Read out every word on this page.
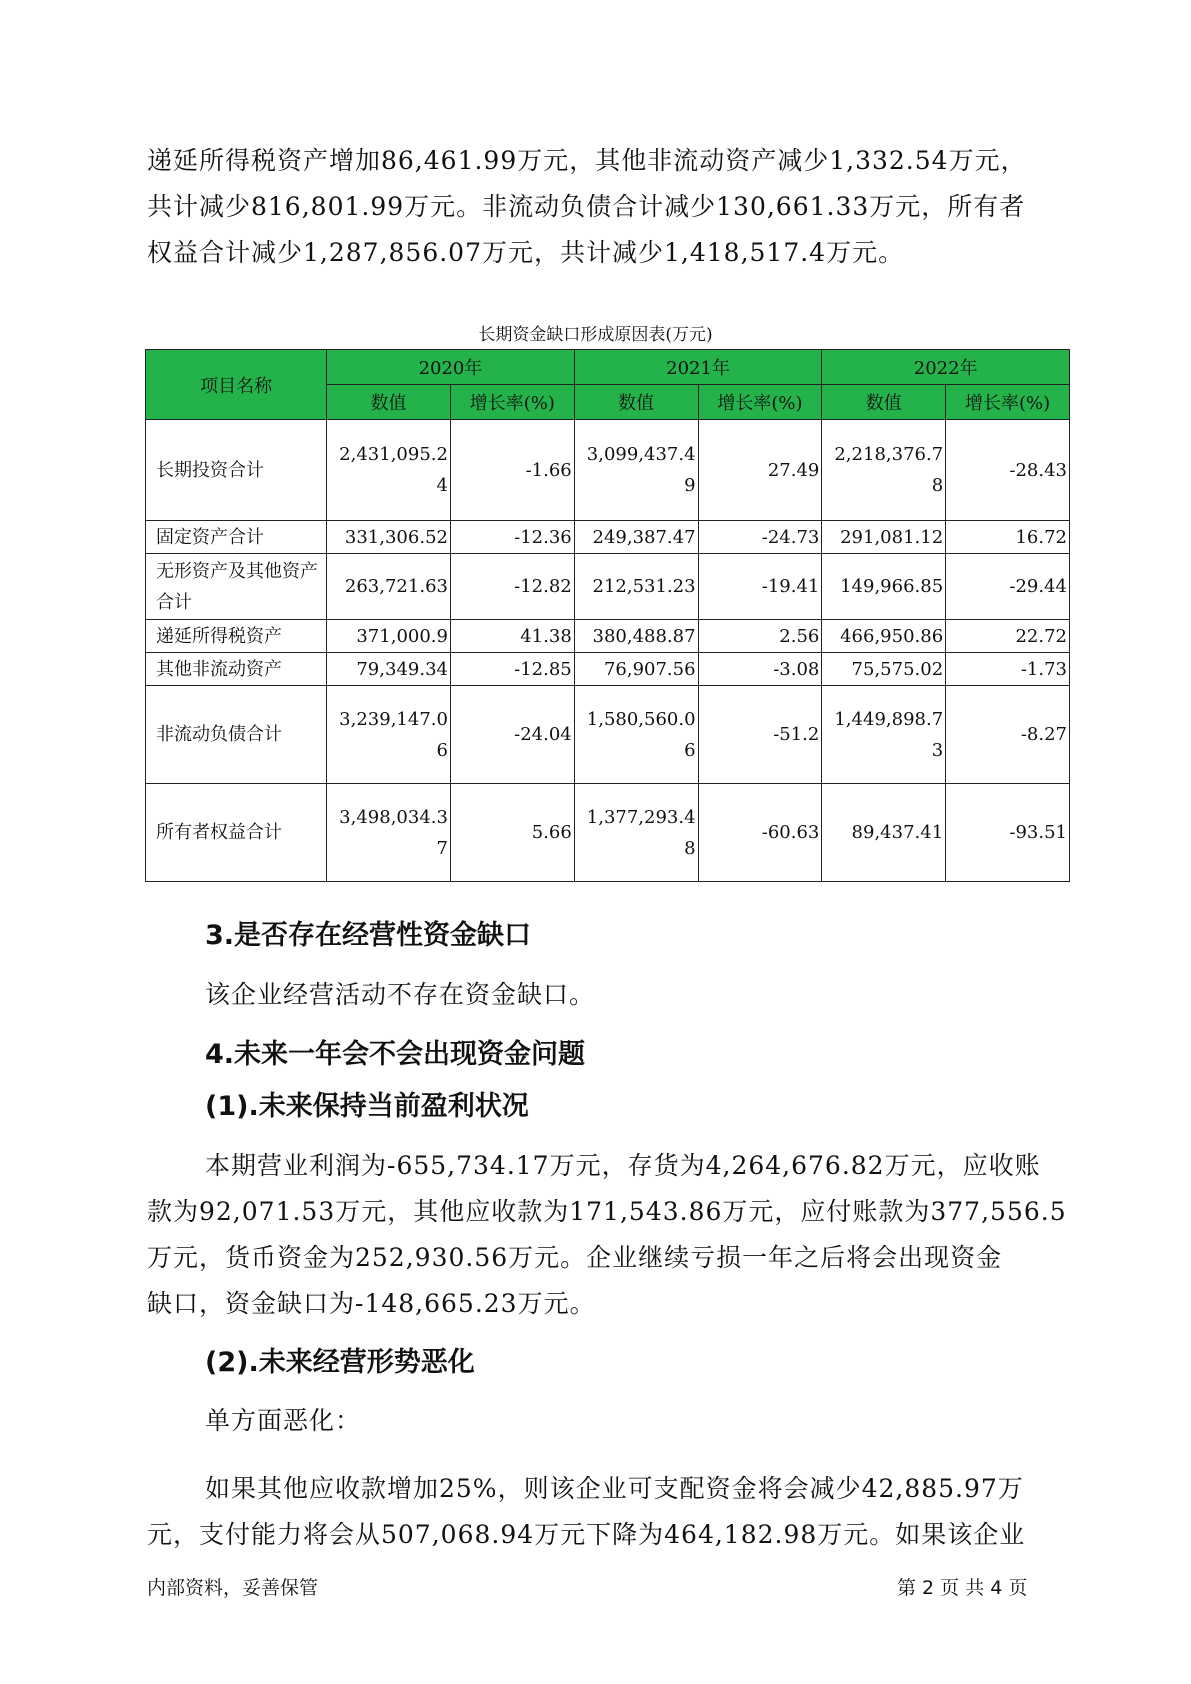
递延所得税资产增加86,461.99万元，其他非流动资产减少1,332.54万元，

共计减少816,801.99万元。非流动负债合计减少130,661.33万元，所有者

权益合计减少1,287,856.07万元，共计减少1,418,517.4万元。

长期资金缺口形成原因表(万元)
项目名称	2020年		2021年		2022年	
	数值	增长率(%)	数值	增长率(%)	数值	增长率(%)
长期投资合计	2,431,095.24	-1.66	3,099,437.49	27.49	2,218,376.78	-28.43
固定资产合计	331,306.52	-12.36	249,387.47	-24.73	291,081.12	16.72
无形资产及其他资产合计	263,721.63	-12.82	212,531.23	-19.41	149,966.85	-29.44
递延所得税资产	371,000.9	41.38	380,488.87	2.56	466,950.86	22.72
其他非流动资产	79,349.34	-12.85	76,907.56	-3.08	75,575.02	-1.73
非流动负债合计	3,239,147.06	-24.04	1,580,560.06	-51.2	1,449,898.73	-8.27
所有者权益合计	3,498,034.37	5.66	1,377,293.48	-60.63	89,437.41	-93.51
3.是否存在经营性资金缺口

该企业经营活动不存在资金缺口。

4.未来一年会不会出现资金问题
(1).未来保持当前盈利状况

本期营业利润为-655,734.17万元，存货为4,264,676.82万元，应收账

款为92,071.53万元，其他应收款为171,543.86万元，应付账款为377,556.5

万元，货币资金为252,930.56万元。企业继续亏损一年之后将会出现资金

缺口，资金缺口为-148,665.23万元。

(2).未来经营形势恶化

单方面恶化：

如果其他应收款增加25%，则该企业可支配资金将会减少42,885.97万

元，支付能力将会从507,068.94万元下降为464,182.98万元。如果该企业

内部资料，妥善保管	第 2 页 共 4 页
